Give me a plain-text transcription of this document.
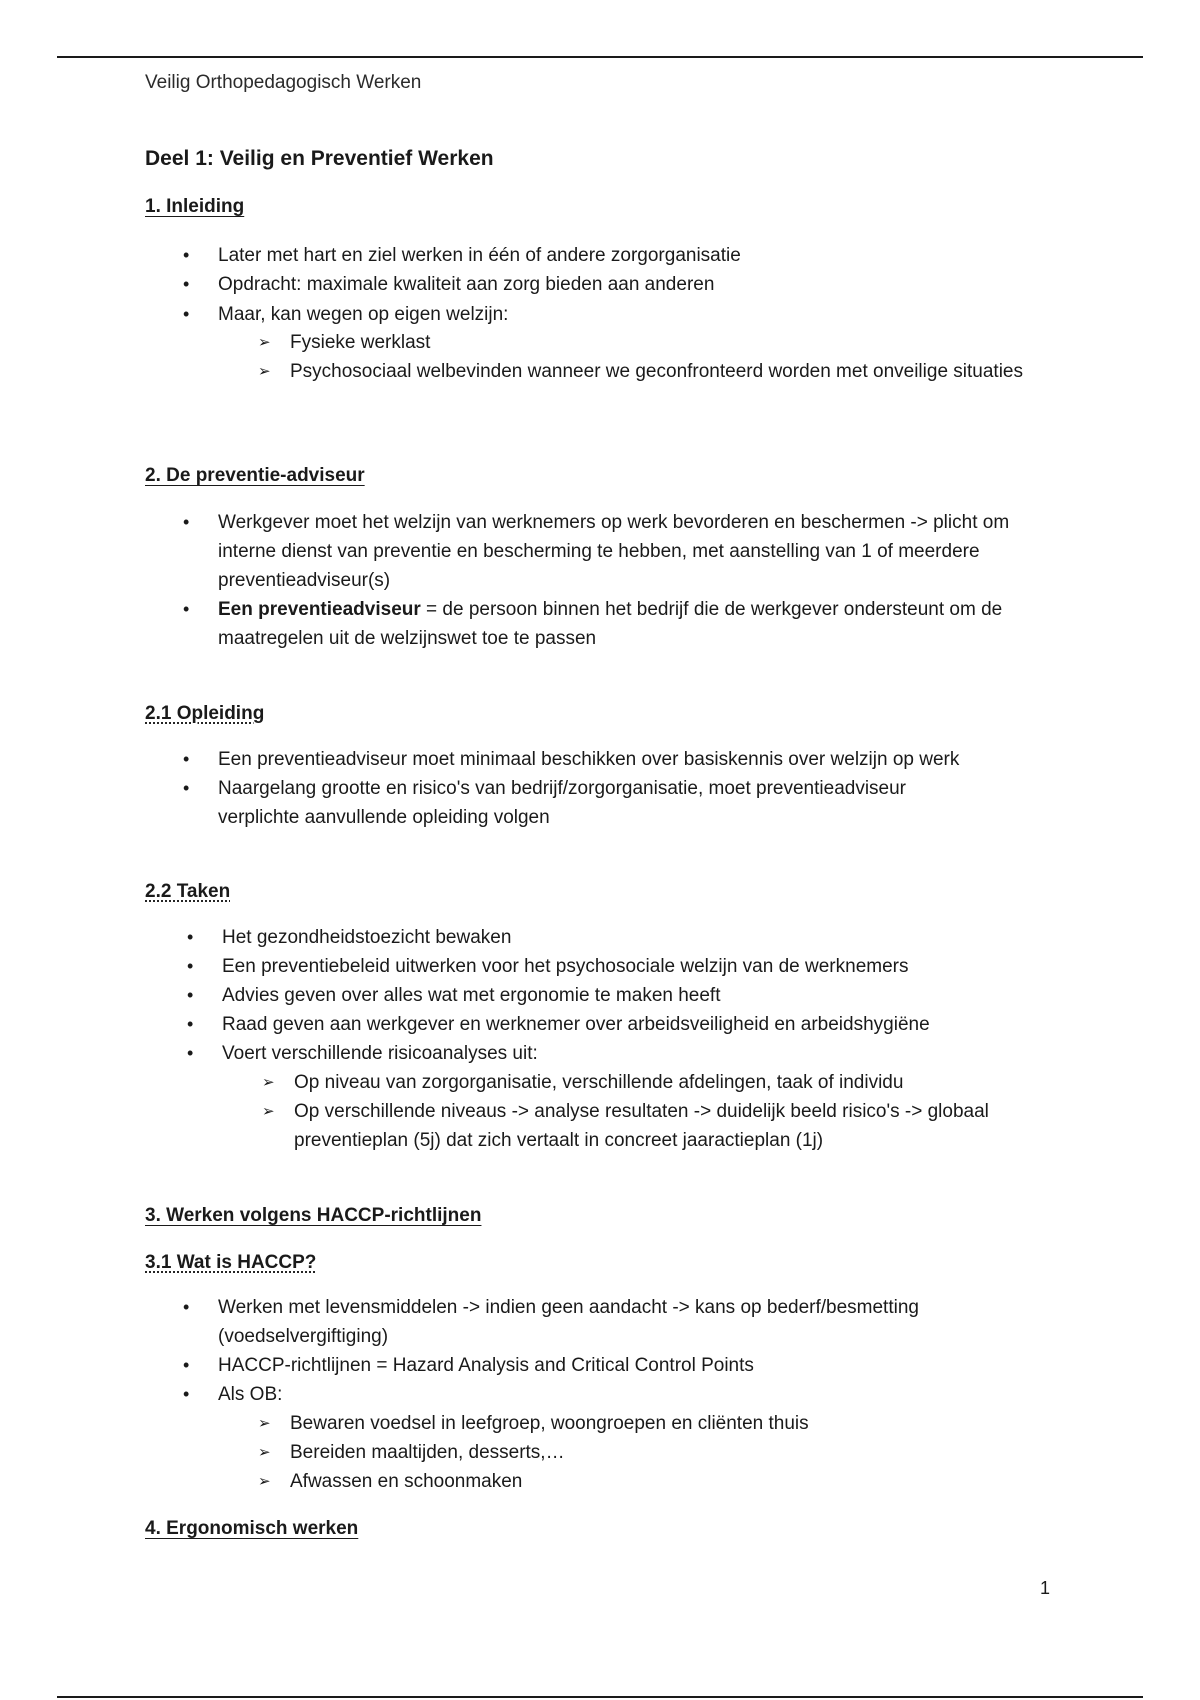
Veilig Orthopedagogisch Werken
Deel 1: Veilig en Preventief Werken
1. Inleiding
• Later met hart en ziel werken in één of andere zorgorganisatie
• Opdracht: maximale kwaliteit aan zorg bieden aan anderen
• Maar, kan wegen op eigen welzijn:
➢ Fysieke werklast
➢ Psychosociaal welbevinden wanneer we geconfronteerd worden met onveilige situaties
2. De preventie-adviseur
• Werkgever moet het welzijn van werknemers op werk bevorderen en beschermen -> plicht om interne dienst van preventie en bescherming te hebben, met aanstelling van 1 of meerdere preventieadviseur(s)
• Een preventieadviseur = de persoon binnen het bedrijf die de werkgever ondersteunt om de maatregelen uit de welzijnswet toe te passen
2.1 Opleiding
• Een preventieadviseur moet minimaal beschikken over basiskennis over welzijn op werk
• Naargelang grootte en risico's van bedrijf/zorgorganisatie, moet preventieadviseur verplichte aanvullende opleiding volgen
2.2 Taken
• Het gezondheidstoezicht bewaken
• Een preventiebeleid uitwerken voor het psychosociale welzijn van de werknemers
• Advies geven over alles wat met ergonomie te maken heeft
• Raad geven aan werkgever en werknemer over arbeidsveiligheid en arbeidshygiëne
• Voert verschillende risicoanalyses uit:
➢ Op niveau van zorgorganisatie, verschillende afdelingen, taak of individu
➢ Op verschillende niveaus -> analyse resultaten -> duidelijk beeld risico's -> globaal preventieplan (5j) dat zich vertaalt in concreet jaaractieplan (1j)
3. Werken volgens HACCP-richtlijnen
3.1 Wat is HACCP?
• Werken met levensmiddelen -> indien geen aandacht -> kans op bederf/besmetting (voedselvergiftiging)
• HACCP-richtlijnen = Hazard Analysis and Critical Control Points
• Als OB:
➢ Bewaren voedsel in leefgroep, woongroepen en cliënten thuis
➢ Bereiden maaltijden, desserts,…
➢ Afwassen en schoonmaken
4. Ergonomisch werken
1
